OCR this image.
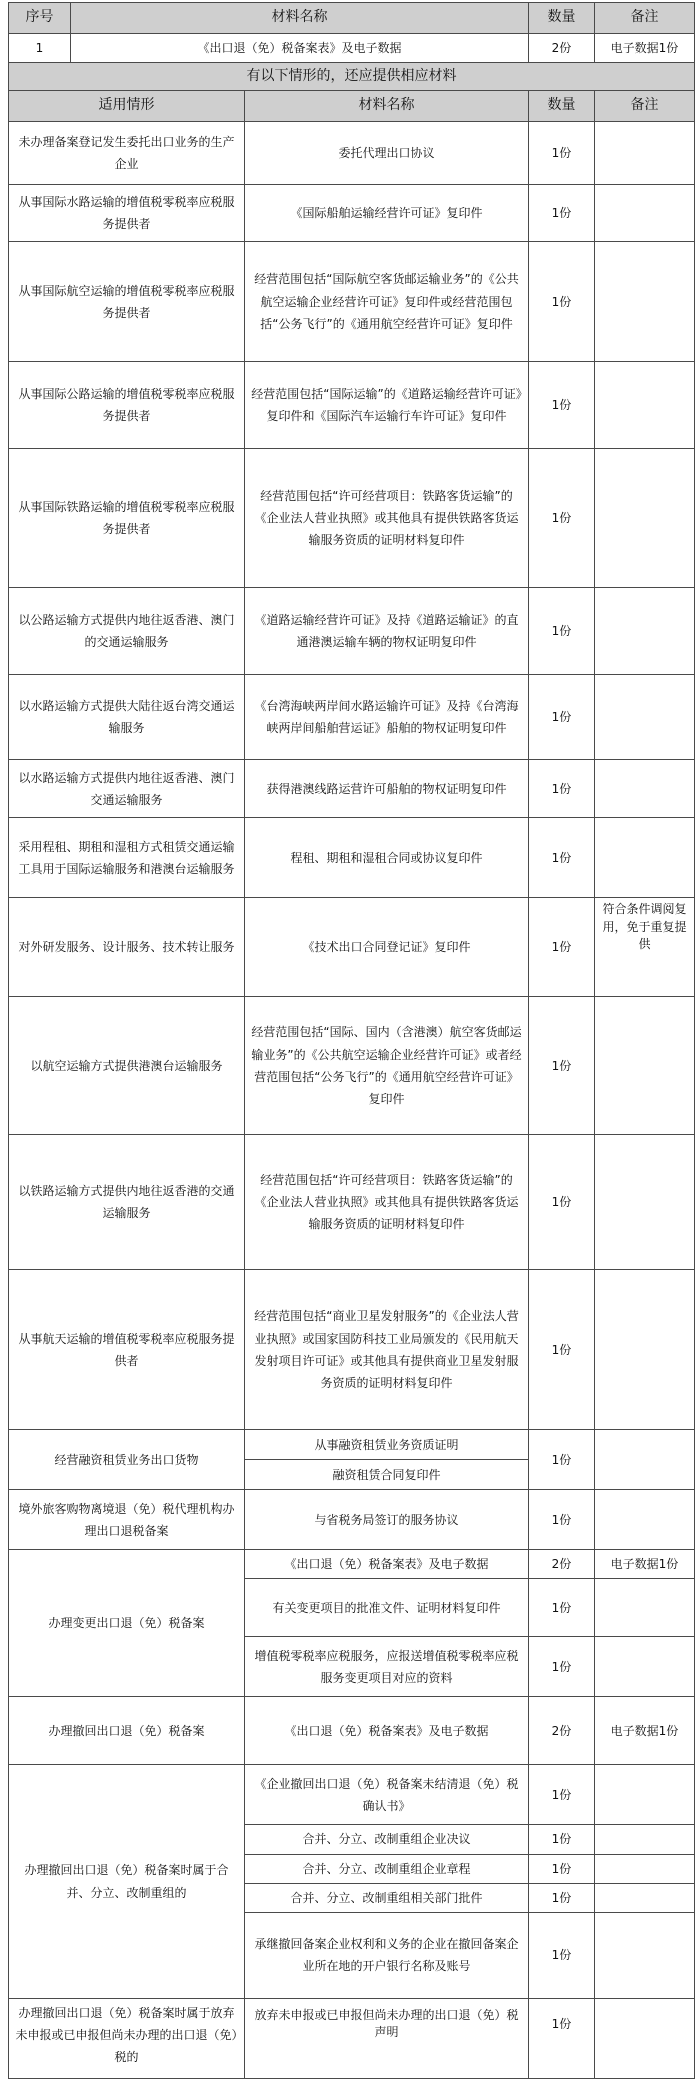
序号	材料名称		数量	备注
1	《出口退（免）税备案表》及电子数据		2份	电子数据1份
有以下情形的，还应提供相应材料				
适用情形		材料名称	数量	备注
未办理备案登记发生委托出口业务的生产企业		委托代理出口协议	1份	
从事国际水路运输的增值税零税率应税服务提供者		《国际船舶运输经营许可证》复印件	1份	
从事国际航空运输的增值税零税率应税服务提供者		经营范围包括“国际航空客货邮运输业务”的《公共航空运输企业经营许可证》复印件或经营范围包括“公务飞行”的《通用航空经营许可证》复印件	1份	
从事国际公路运输的增值税零税率应税服务提供者		经营范围包括“国际运输”的《道路运输经营许可证》复印件和《国际汽车运输行车许可证》复印件	1份	
从事国际铁路运输的增值税零税率应税服务提供者		经营范围包括“许可经营项目：铁路客货运输”的《企业法人营业执照》或其他具有提供铁路客货运输服务资质的证明材料复印件	1份	
以公路运输方式提供内地往返香港、澳门的交通运输服务		《道路运输经营许可证》及持《道路运输证》的直通港澳运输车辆的物权证明复印件	1份	
以水路运输方式提供大陆往返台湾交通运输服务		《台湾海峡两岸间水路运输许可证》及持《台湾海峡两岸间船舶营运证》船舶的物权证明复印件	1份	
以水路运输方式提供内地往返香港、澳门交通运输服务		获得港澳线路运营许可船舶的物权证明复印件	1份	
采用程租、期租和湿租方式租赁交通运输工具用于国际运输服务和港澳台运输服务		程租、期租和湿租合同或协议复印件	1份	
对外研发服务、设计服务、技术转让服务		《技术出口合同登记证》复印件	1份	符合条件调阅复用，免于重复提供
以航空运输方式提供港澳台运输服务		经营范围包括“国际、国内（含港澳）航空客货邮运输业务”的《公共航空运输企业经营许可证》或者经营范围包括“公务飞行”的《通用航空经营许可证》复印件	1份	
以铁路运输方式提供内地往返香港的交通运输服务		经营范围包括“许可经营项目：铁路客货运输”的《企业法人营业执照》或其他具有提供铁路客货运输服务资质的证明材料复印件	1份	
从事航天运输的增值税零税率应税服务提供者		经营范围包括“商业卫星发射服务”的《企业法人营业执照》或国家国防科技工业局颁发的《民用航天发射项目许可证》或其他具有提供商业卫星发射服务资质的证明材料复印件	1份	
经营融资租赁业务出口货物		从事融资租赁业务资质证明	1份	
		融资租赁合同复印件		
境外旅客购物离境退（免）税代理机构办理出口退税备案		与省税务局签订的服务协议	1份	
办理变更出口退（免）税备案		《出口退（免）税备案表》及电子数据	2份	电子数据1份
		有关变更项目的批准文件、证明材料复印件	1份	
		增值税零税率应税服务，应报送增值税零税率应税服务变更项目对应的资料	1份	
办理撤回出口退（免）税备案		《出口退（免）税备案表》及电子数据	2份	电子数据1份
办理撤回出口退（免）税备案时属于合并、分立、改制重组的		《企业撤回出口退（免）税备案未结清退（免）税确认书》	1份	
		合并、分立、改制重组企业决议	1份	
		合并、分立、改制重组企业章程	1份	
		合并、分立、改制重组相关部门批件	1份	
		承继撤回备案企业权利和义务的企业在撤回备案企业所在地的开户银行名称及账号	1份	
办理撤回出口退（免）税备案时属于放弃未申报或已申报但尚未办理的出口退（免）税的		放弃未申报或已申报但尚未办理的出口退（免）税声明	1份	
